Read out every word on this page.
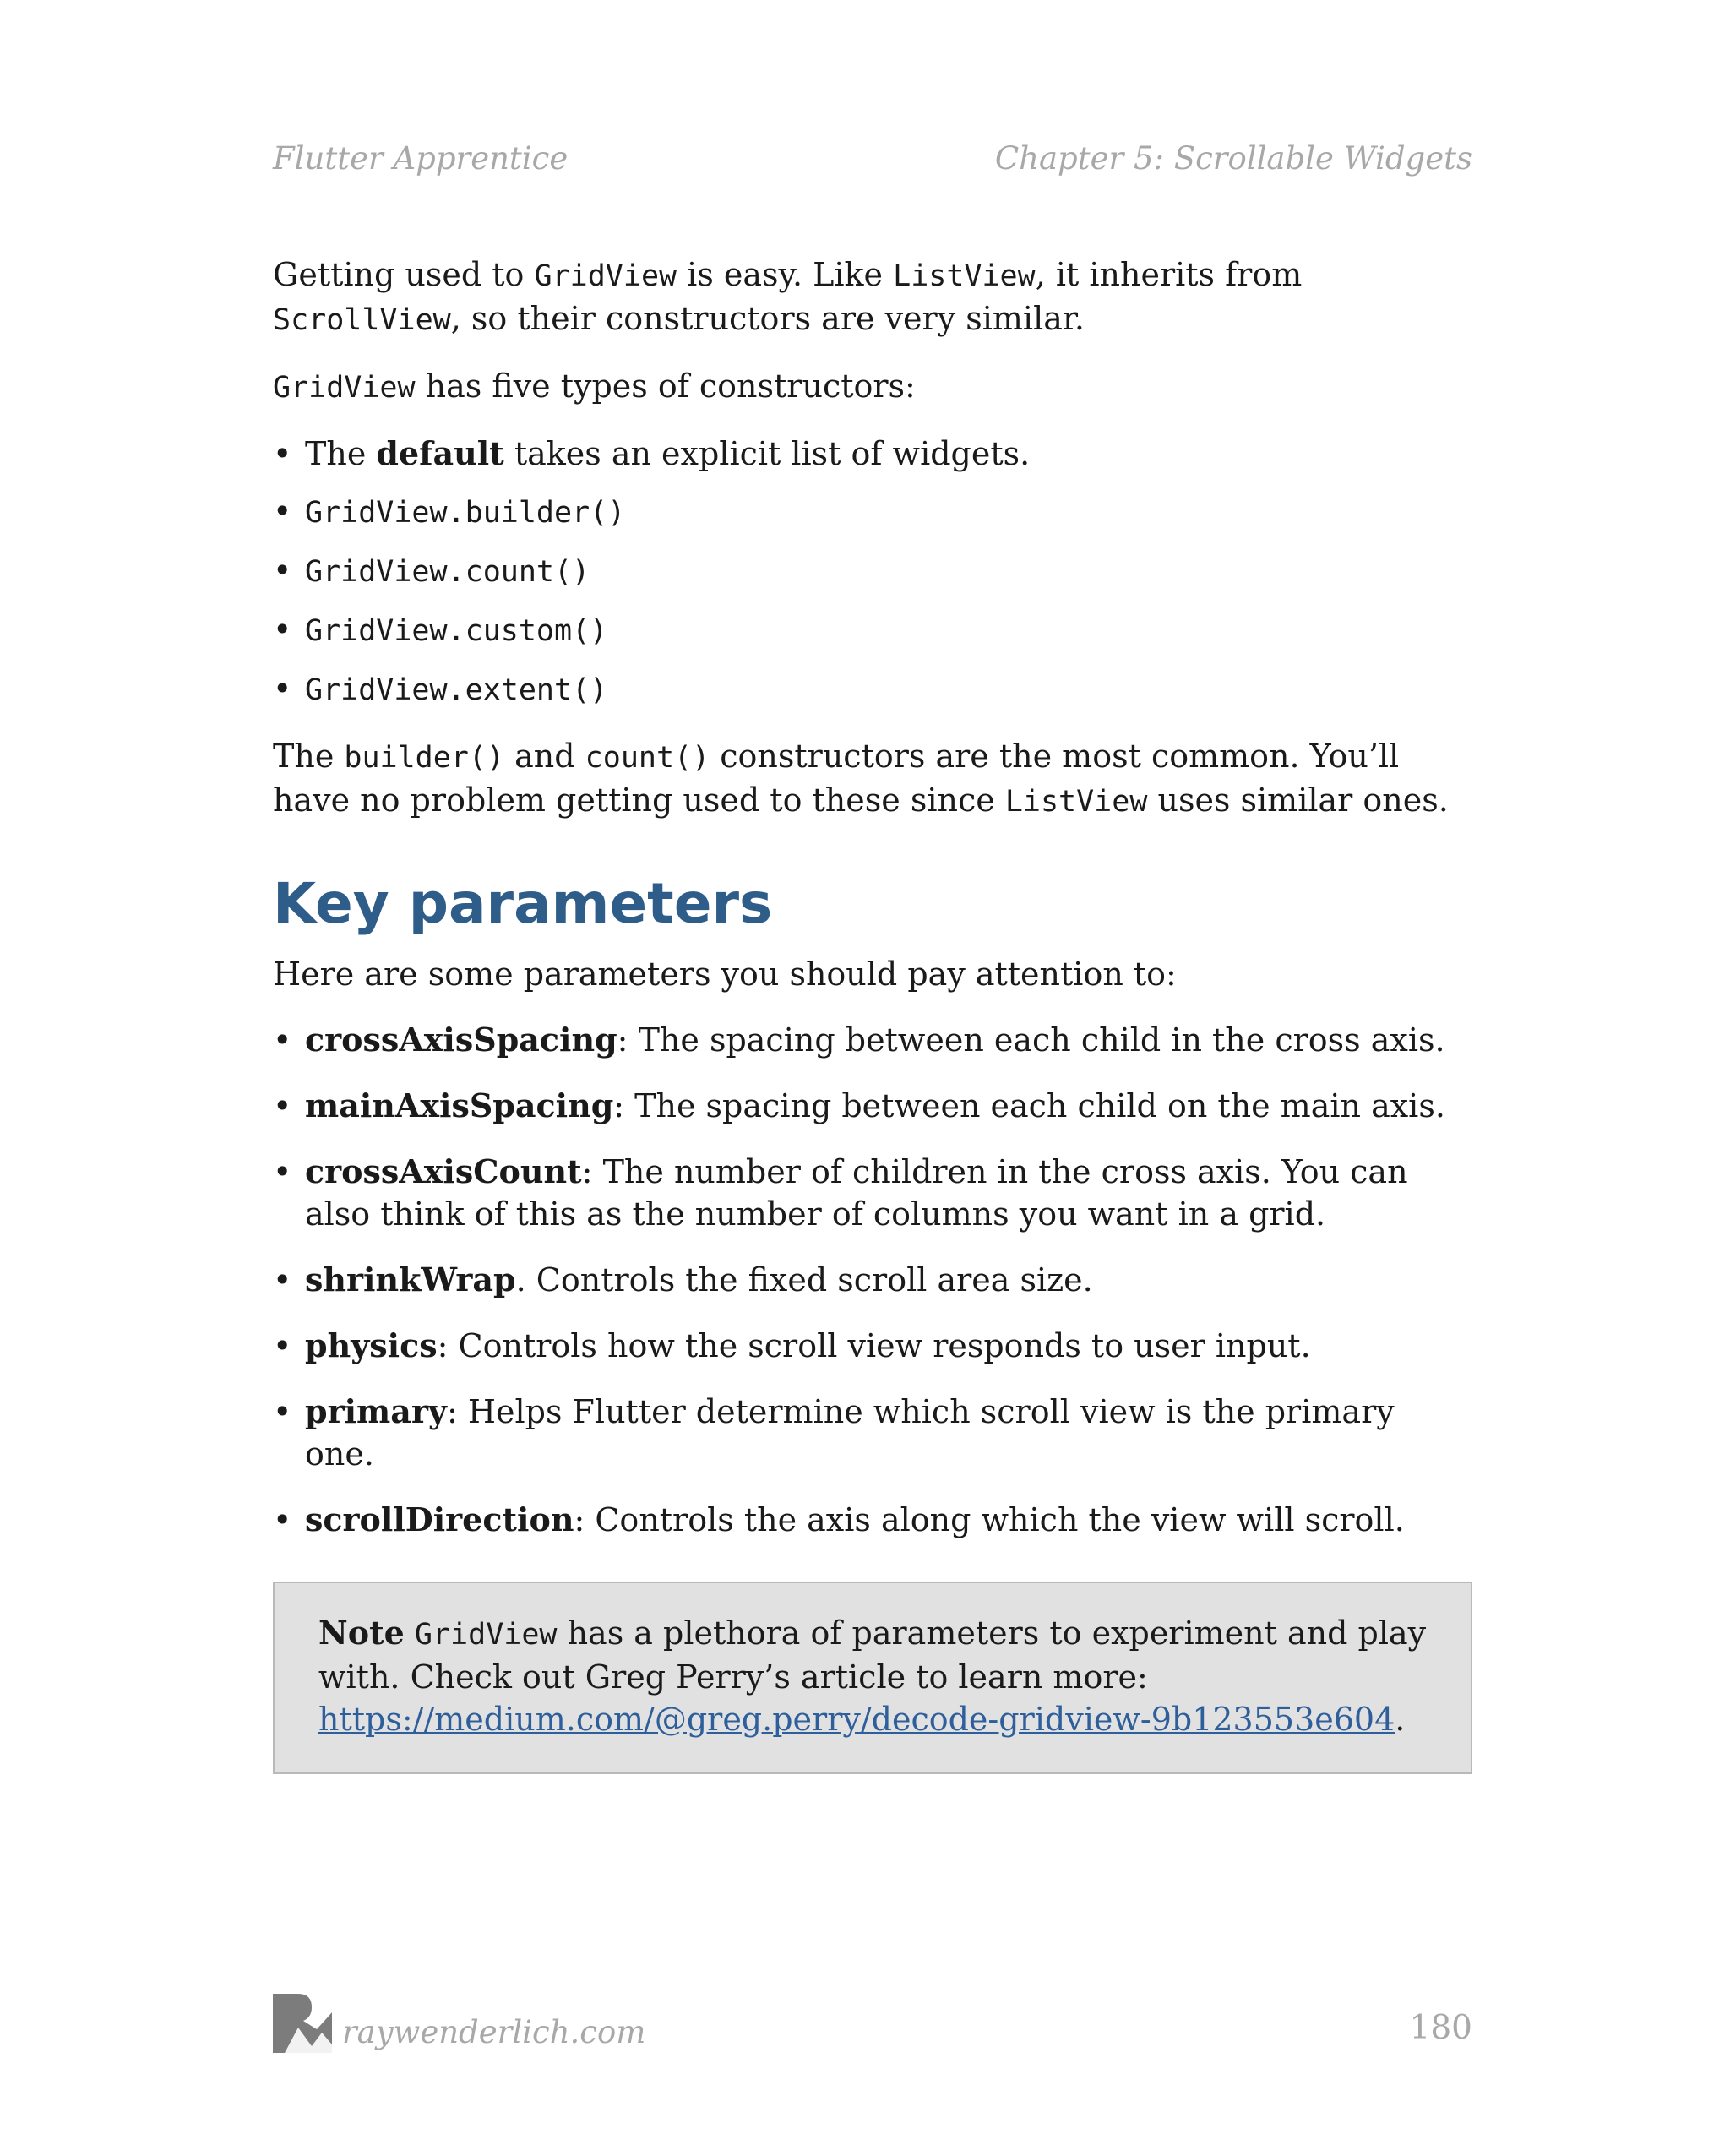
Flutter Apprentice	Chapter 5: Scrollable Widgets

Getting used to GridView is easy. Like ListView, it inherits from ScrollView, so their constructors are very similar.

GridView has five types of constructors:

• The default takes an explicit list of widgets.
• GridView.builder()
• GridView.count()
• GridView.custom()
• GridView.extent()

The builder() and count() constructors are the most common. You’ll have no problem getting used to these since ListView uses similar ones.

Key parameters

Here are some parameters you should pay attention to:

• crossAxisSpacing: The spacing between each child in the cross axis.
• mainAxisSpacing: The spacing between each child on the main axis.
• crossAxisCount: The number of children in the cross axis. You can also think of this as the number of columns you want in a grid.
• shrinkWrap. Controls the fixed scroll area size.
• physics: Controls how the scroll view responds to user input.
• primary: Helps Flutter determine which scroll view is the primary one.
• scrollDirection: Controls the axis along which the view will scroll.
Note GridView has a plethora of parameters to experiment and play with. Check out Greg Perry’s article to learn more: https://medium.com/@greg.perry/decode-gridview-9b123553e604.
raywenderlich.com	180
